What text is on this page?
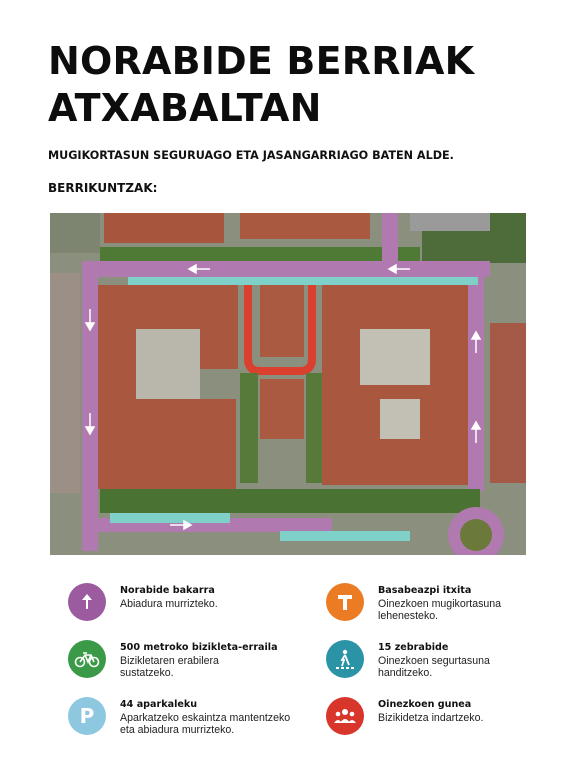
NORABIDE BERRIAK
ATXABALTAN
MUGIKORTASUN SEGURUAGO ETA JASANGARRIAGO BATEN ALDE.
BERRIKUNTZAK:
Norabide bakarra
Abiadura murrizteko.
500 metroko bizikleta-erraila
Bizikletaren erabilera
sustatzeko.
P	44 aparkaleku
Aparkatzeko eskaintza mantentzeko
eta abiadura murrizteko.
Basabeazpi itxita
Oinezkoen mugikortasuna
lehenesteko.
15 zebrabide
Oinezkoen segurtasuna
handitzeko.
Oinezkoen gunea
Bizikidetza indartzeko.
